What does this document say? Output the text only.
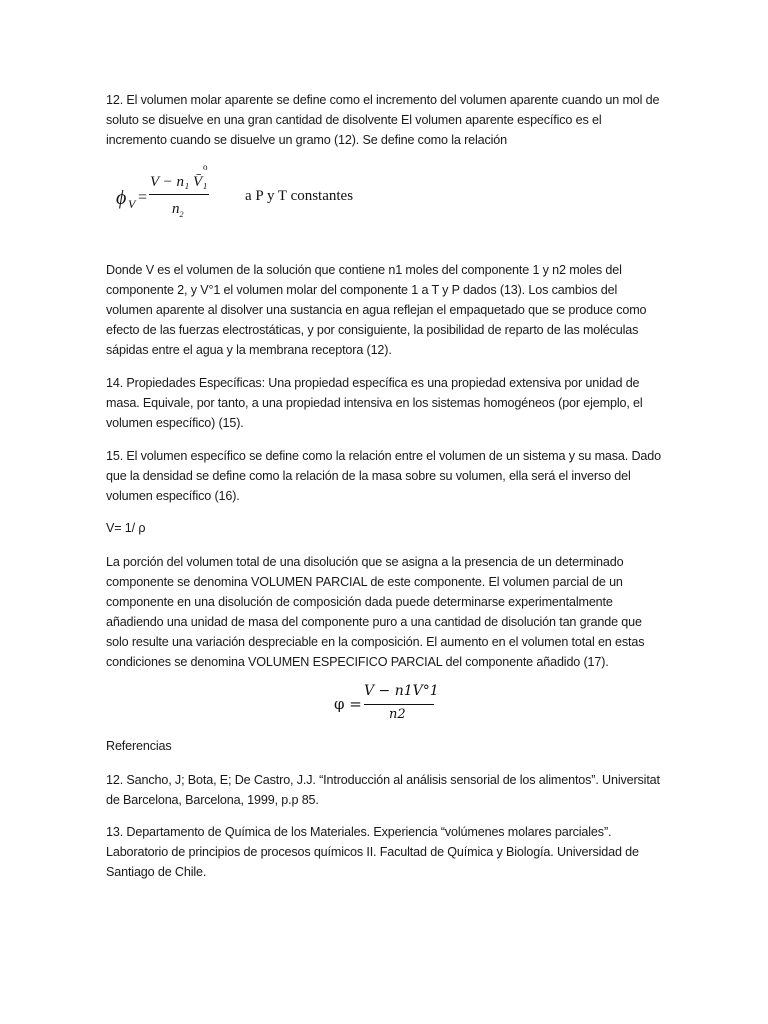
12. El volumen molar aparente se define como el incremento del volumen aparente cuando un mol de soluto se disuelve en una gran cantidad de disolvente El volumen aparente específico es el incremento cuando se disuelve un gramo (12). Se define como la relación

ϕ V =
o
V − n₁ V̄₁
$n_2$
a P y T constantes

Donde V es el volumen de la solución que contiene n1 moles del componente 1 y n2 moles del componente 2, y V°1 el volumen molar del componente 1 a T y P dados (13). Los cambios del volumen aparente al disolver una sustancia en agua reflejan el empaquetado que se produce como efecto de las fuerzas electrostáticas, y por consiguiente, la posibilidad de reparto de las moléculas sápidas entre el agua y la membrana receptora (12).

14. Propiedades Específicas: Una propiedad específica es una propiedad extensiva por unidad de masa. Equivale, por tanto, a una propiedad intensiva en los sistemas homogéneos (por ejemplo, el volumen específico) (15).

15. El volumen específico se define como la relación entre el volumen de un sistema y su masa. Dado que la densidad se define como la relación de la masa sobre su volumen, ella será el inverso del volumen específico (16).

V= 1/ ρ

La porción del volumen total de una disolución que se asigna a la presencia de un determinado componente se denomina VOLUMEN PARCIAL de este componente. El volumen parcial de un componente en una disolución de composición dada puede determinarse experimentalmente añadiendo una unidad de masa del componente puro a una cantidad de disolución tan grande que solo resulte una variación despreciable en la composición. El aumento en el volumen total en estas condiciones se denomina VOLUMEN ESPECIFICO PARCIAL del componente añadido (17).

φ =
V − n1V°1
n2

Referencias

12. Sancho, J; Bota, E; De Castro, J.J. “Introducción al análisis sensorial de los alimentos”. Universitat de Barcelona, Barcelona, 1999, p.p 85.

13. Departamento de Química de los Materiales. Experiencia “volúmenes molares parciales”. Laboratorio de principios de procesos químicos II. Facultad de Química y Biología. Universidad de Santiago de Chile.
